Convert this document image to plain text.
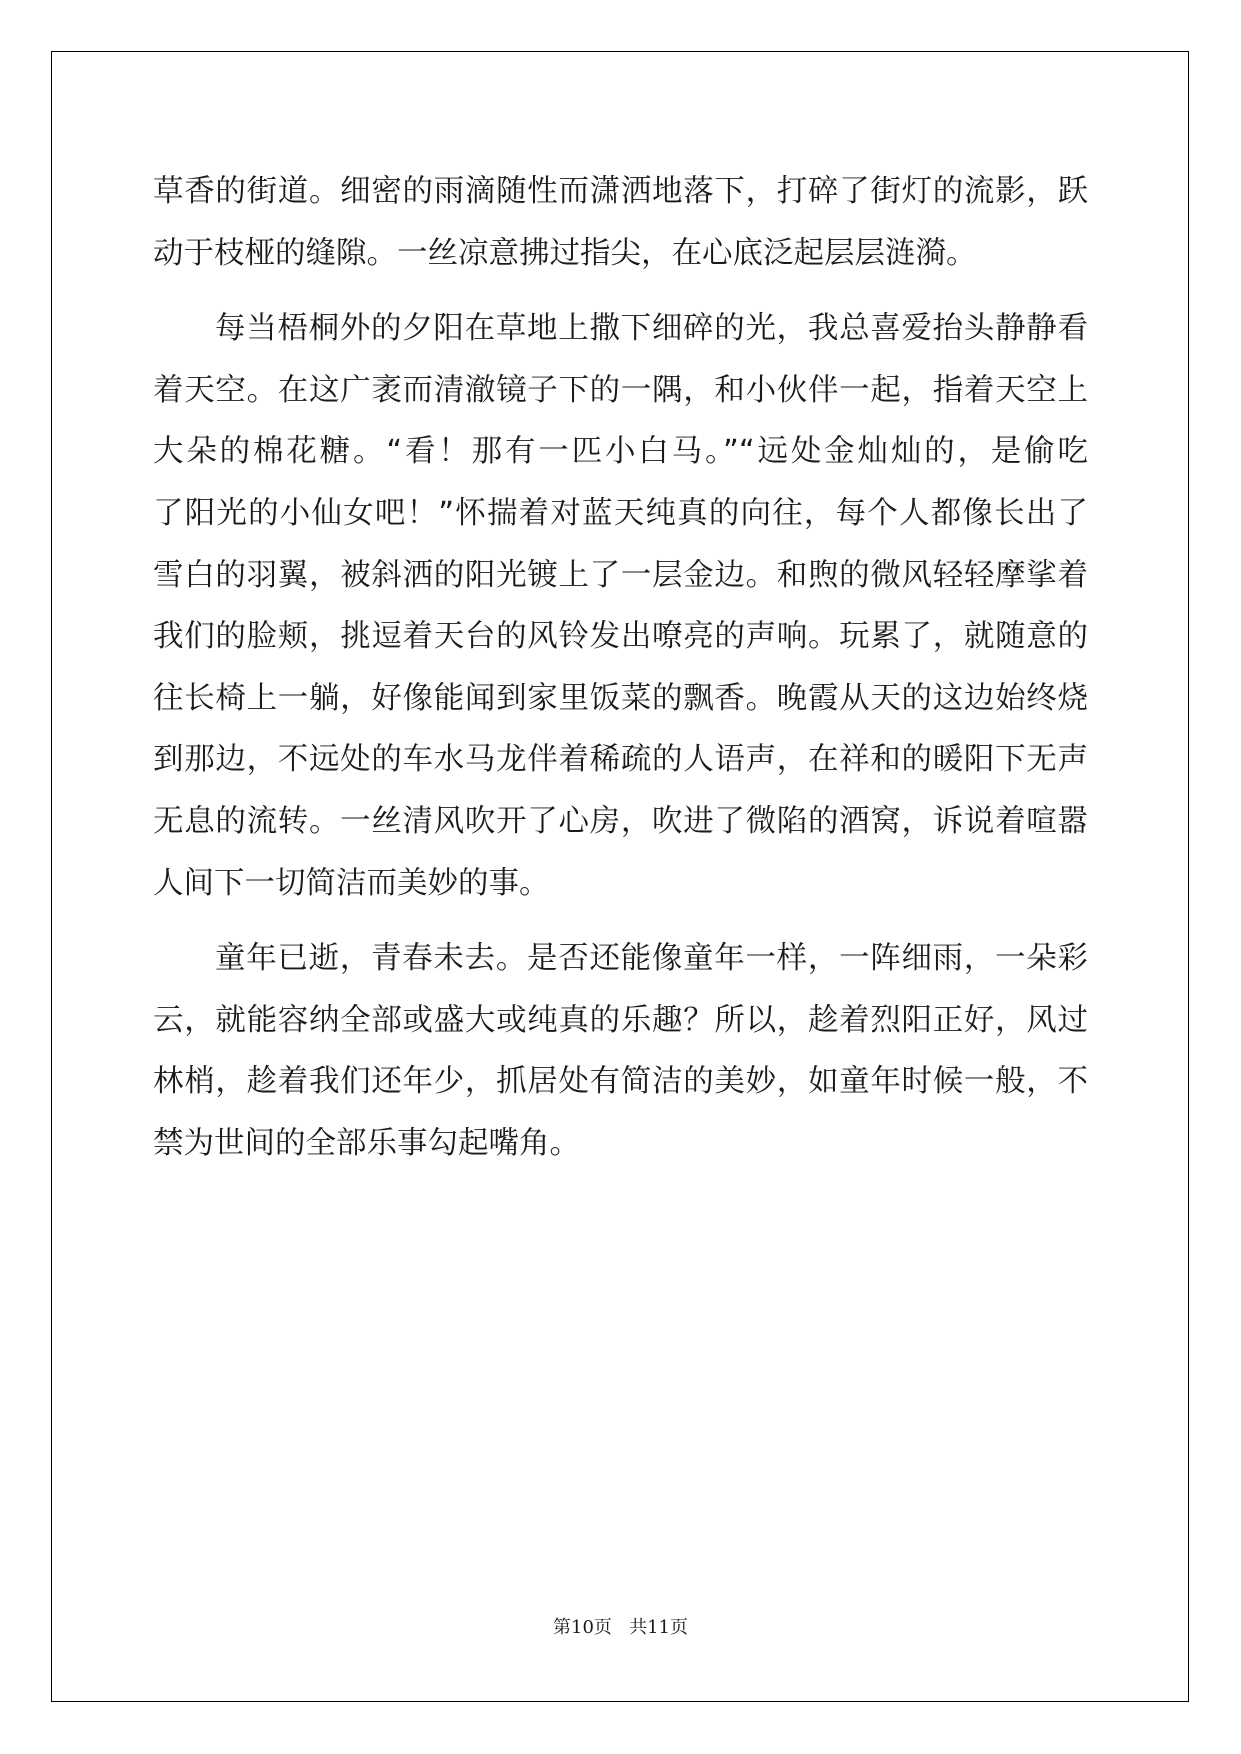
草香的街道。细密的雨滴随性而潇洒地落下，打碎了街灯的流影，跃
动于枝桠的缝隙。一丝凉意拂过指尖，在心底泛起层层涟漪。
每当梧桐外的夕阳在草地上撒下细碎的光，我总喜爱抬头静静看
着天空。在这广袤而清澈镜子下的一隅，和小伙伴一起，指着天空上
大朵的棉花糖。“看！那有一匹小白马。”“远处金灿灿的，是偷吃
了阳光的小仙女吧！”怀揣着对蓝天纯真的向往，每个人都像长出了
雪白的羽翼，被斜洒的阳光镀上了一层金边。和煦的微风轻轻摩挲着
我们的脸颊，挑逗着天台的风铃发出嘹亮的声响。玩累了，就随意的
往长椅上一躺，好像能闻到家里饭菜的飘香。晚霞从天的这边始终烧
到那边，不远处的车水马龙伴着稀疏的人语声，在祥和的暖阳下无声
无息的流转。一丝清风吹开了心房，吹进了微陷的酒窝，诉说着喧嚣
人间下一切简洁而美妙的事。
童年已逝，青春未去。是否还能像童年一样，一阵细雨，一朵彩
云，就能容纳全部或盛大或纯真的乐趣？所以，趁着烈阳正好，风过
林梢，趁着我们还年少，抓居处有简洁的美妙，如童年时候一般，不
禁为世间的全部乐事勾起嘴角。
第10页 共11页
